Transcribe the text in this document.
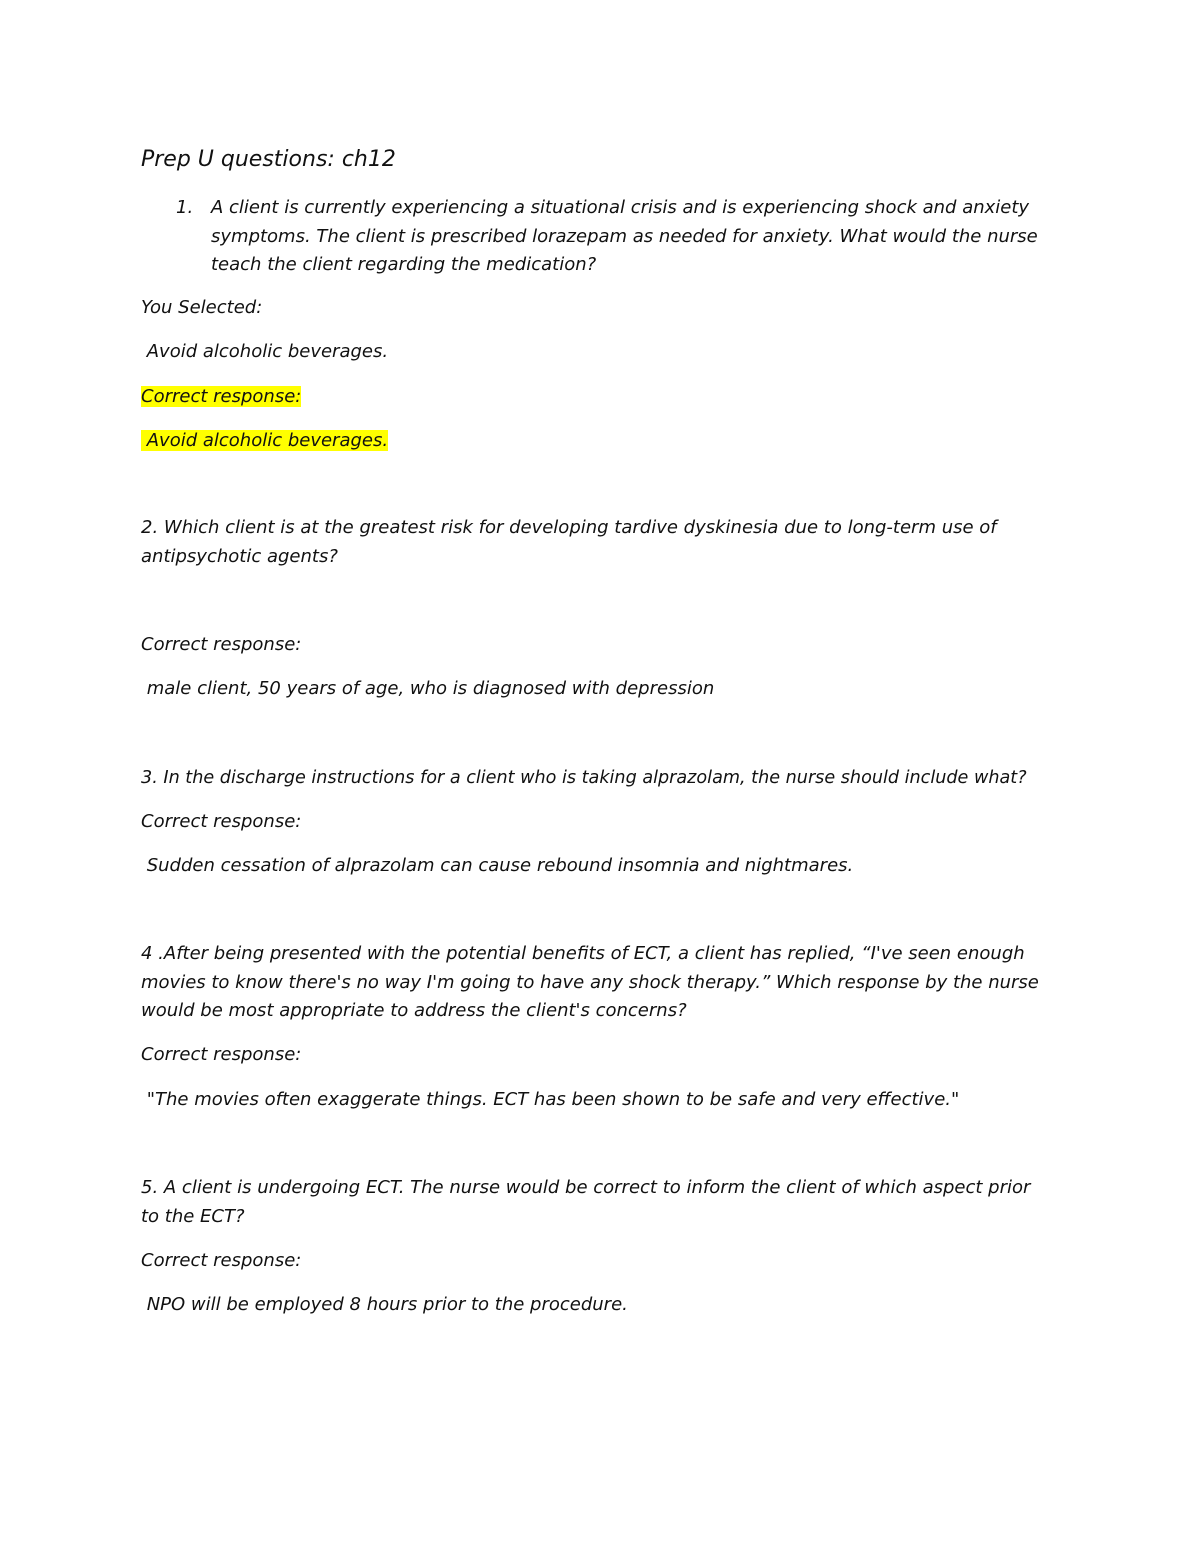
Prep U questions: ch12

1. A client is currently experiencing a situational crisis and is experiencing shock and anxiety symptoms. The client is prescribed lorazepam as needed for anxiety. What would the nurse teach the client regarding the medication?

You Selected:

Avoid alcoholic beverages.

Correct response:

Avoid alcoholic beverages.

2. Which client is at the greatest risk for developing tardive dyskinesia due to long-term use of antipsychotic agents?

Correct response:

male client, 50 years of age, who is diagnosed with depression

3. In the discharge instructions for a client who is taking alprazolam, the nurse should include what?

Correct response:

Sudden cessation of alprazolam can cause rebound insomnia and nightmares.

4 .After being presented with the potential benefits of ECT, a client has replied, “I've seen enough movies to know there's no way I'm going to have any shock therapy.” Which response by the nurse would be most appropriate to address the client's concerns?

Correct response:

"The movies often exaggerate things. ECT has been shown to be safe and very effective."

5. A client is undergoing ECT. The nurse would be correct to inform the client of which aspect prior to the ECT?

Correct response:

NPO will be employed 8 hours prior to the procedure.
